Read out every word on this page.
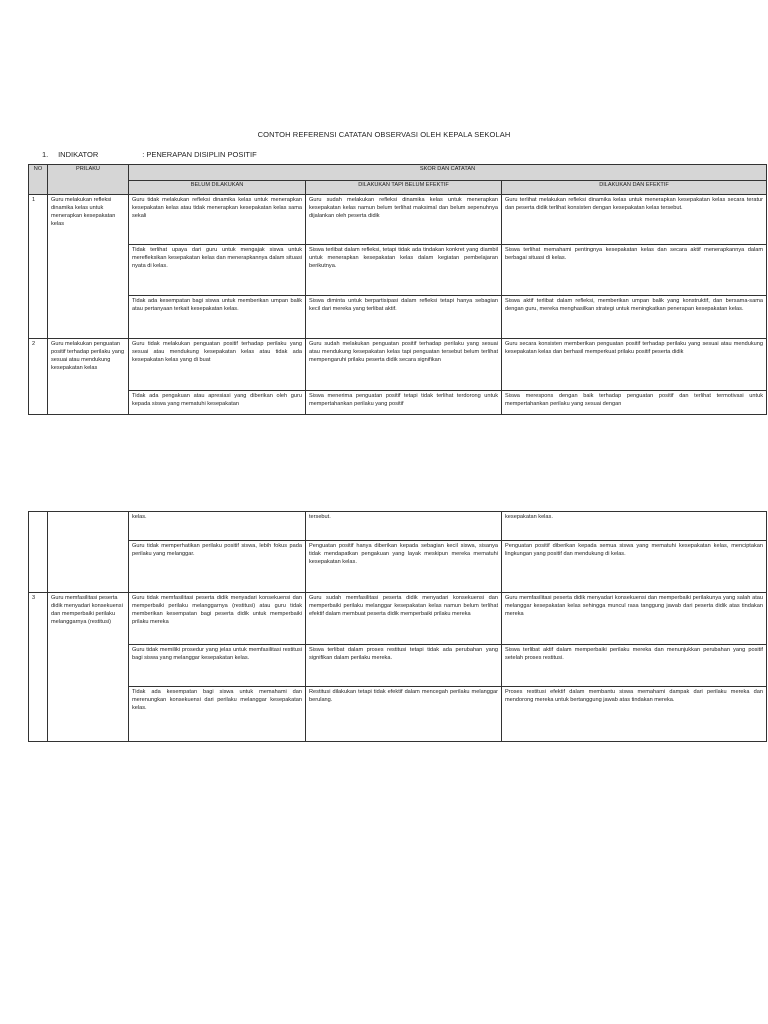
CONTOH REFERENSI CATATAN OBSERVASI OLEH KEPALA SEKOLAH
1. INDIKATOR	: PENERAPAN DISIPLIN POSITIF
NO	PRILAKU	SKOR DAN CATATAN		
		BELUM DILAKUKAN	DILAKUKAN TAPI BELUM EFEKTIF	DILAKUKAN DAN EFEKTIF
1	Guru melakukan refleksi dinamika kelas untuk menerapkan kesepakatan kelas	Guru tidak melakukan refleksi dinamika kelas untuk menerapkan kesepakatan kelas atau tidak menerapkan kesepakatan kelas sama sekali	Guru sudah melakukan refleksi dinamika kelas untuk menerapkan kesepakatan kelas namun belum terlihat maksimal dan belum sepenuhnya dijalankan oleh peserta didik	Guru terlihat melakukan refleksi dinamika kelas untuk menerapkan kesepakatan kelas secara teratur dan peserta didik terlihat konsisten dengan kesepakatan kelas tersebut.
		Tidak terlihat upaya dari guru untuk mengajak siswa untuk merefleksikan kesepakatan kelas dan menerapkannya dalam situasi nyata di kelas.	Siswa terlibat dalam refleksi, tetapi tidak ada tindakan konkret yang diambil untuk menerapkan kesepakatan kelas dalam kegiatan pembelajaran berikutnya.	Siswa terlihat memahami pentingnya kesepakatan kelas dan secara aktif menerapkannya dalam berbagai situasi di kelas.
		Tidak ada kesempatan bagi siswa untuk memberikan umpan balik atau pertanyaan terkait kesepakatan kelas.	Siswa diminta untuk berpartisipasi dalam refleksi tetapi hanya sebagian kecil dari mereka yang terlibat aktif.	Siswa aktif terlibat dalam refleksi, memberikan umpan balik yang konstruktif, dan bersama-sama dengan guru, mereka menghasilkan strategi untuk meningkatkan penerapan kesepakatan kelas.
2	Guru melakukan penguatan positif terhadap perilaku yang sesuai atau mendukung kesepakatan kelas	Guru tidak melakukan penguatan positif terhadap perilaku yang sesuai atau mendukung kesepakatan kelas atau tidak ada kesepakatan kelas yang di buat	Guru sudah melakukan penguatan positif terhadap perilaku yang sesuai atau mendukung kesepakatan kelas tapi penguatan tersebut belum terlihat mempengaruhi prilaku peserta didik secara signifikan	Guru secara konsisten memberikan penguatan positif terhadap perilaku yang sesuai atau mendukung kesepakatan kelas dan berhasil memperkuat prilaku positif peserta didik
		Tidak ada pengakuan atau apresiasi yang diberikan oleh guru kepada siswa yang mematuhi kesepakatan	Siswa menerima penguatan positif tetapi tidak terlihat terdorong untuk mempertahankan perilaku yang positif	Siswa merespons dengan baik terhadap penguatan positif dan terlihat termotivasi untuk mempertahankan perilaku yang sesuai dengan
		kelas.	tersebut.	kesepakatan kelas.
		Guru tidak memperhatikan perilaku positif siswa, lebih fokus pada perilaku yang melanggar.	Penguatan positif hanya diberikan kepada sebagian kecil siswa, sisanya tidak mendapatkan pengakuan yang layak meskipun mereka mematuhi kesepakatan kelas.	Penguatan positif diberikan kepada semua siswa yang mematuhi kesepakatan kelas, menciptakan lingkungan yang positif dan mendukung di kelas.
3	Guru memfasilitasi peserta didik menyadari konsekuensi dan memperbaiki perilaku melanggarnya (restitusi)	Guru tidak memfasilitasi peserta didik menyadari konsekuensi dan memperbaiki perilaku melanggarnya (restitusi) atau guru tidak memberikan kesempatan bagi peserta didik untuk memperbaiki prilaku mereka	Guru sudah memfasilitasi peserta didik menyadari konsekuensi dan memperbaiki perilaku melanggar kesepakatan kelas namun belum terlihat efektif dalam membuat peserta didik memperbaiki prilaku mereka	Guru memfasilitasi peserta didik menyadari konsekuensi dan memperbaiki perilakunya yang salah atau melanggar kesepakatan kelas sehingga muncul rasa tanggung jawab dari peserta didik atas tindakan mereka
		Guru tidak memiliki prosedur yang jelas untuk memfasilitasi restitusi bagi siswa yang melanggar kesepakatan kelas.	Siswa terlibat dalam proses restitusi tetapi tidak ada perubahan yang signifikan dalam perilaku mereka.	Siswa terlibat aktif dalam memperbaiki perilaku mereka dan menunjukkan perubahan yang positif setelah proses restitusi.
		Tidak ada kesempatan bagi siswa untuk memahami dan merenungkan konsekuensi dari perilaku melanggar kesepakatan kelas.	Restitusi dilakukan tetapi tidak efektif dalam mencegah perilaku melanggar berulang.	Proses restitusi efektif dalam membantu siswa memahami dampak dari perilaku mereka dan mendorong mereka untuk bertanggung jawab atas tindakan mereka.
